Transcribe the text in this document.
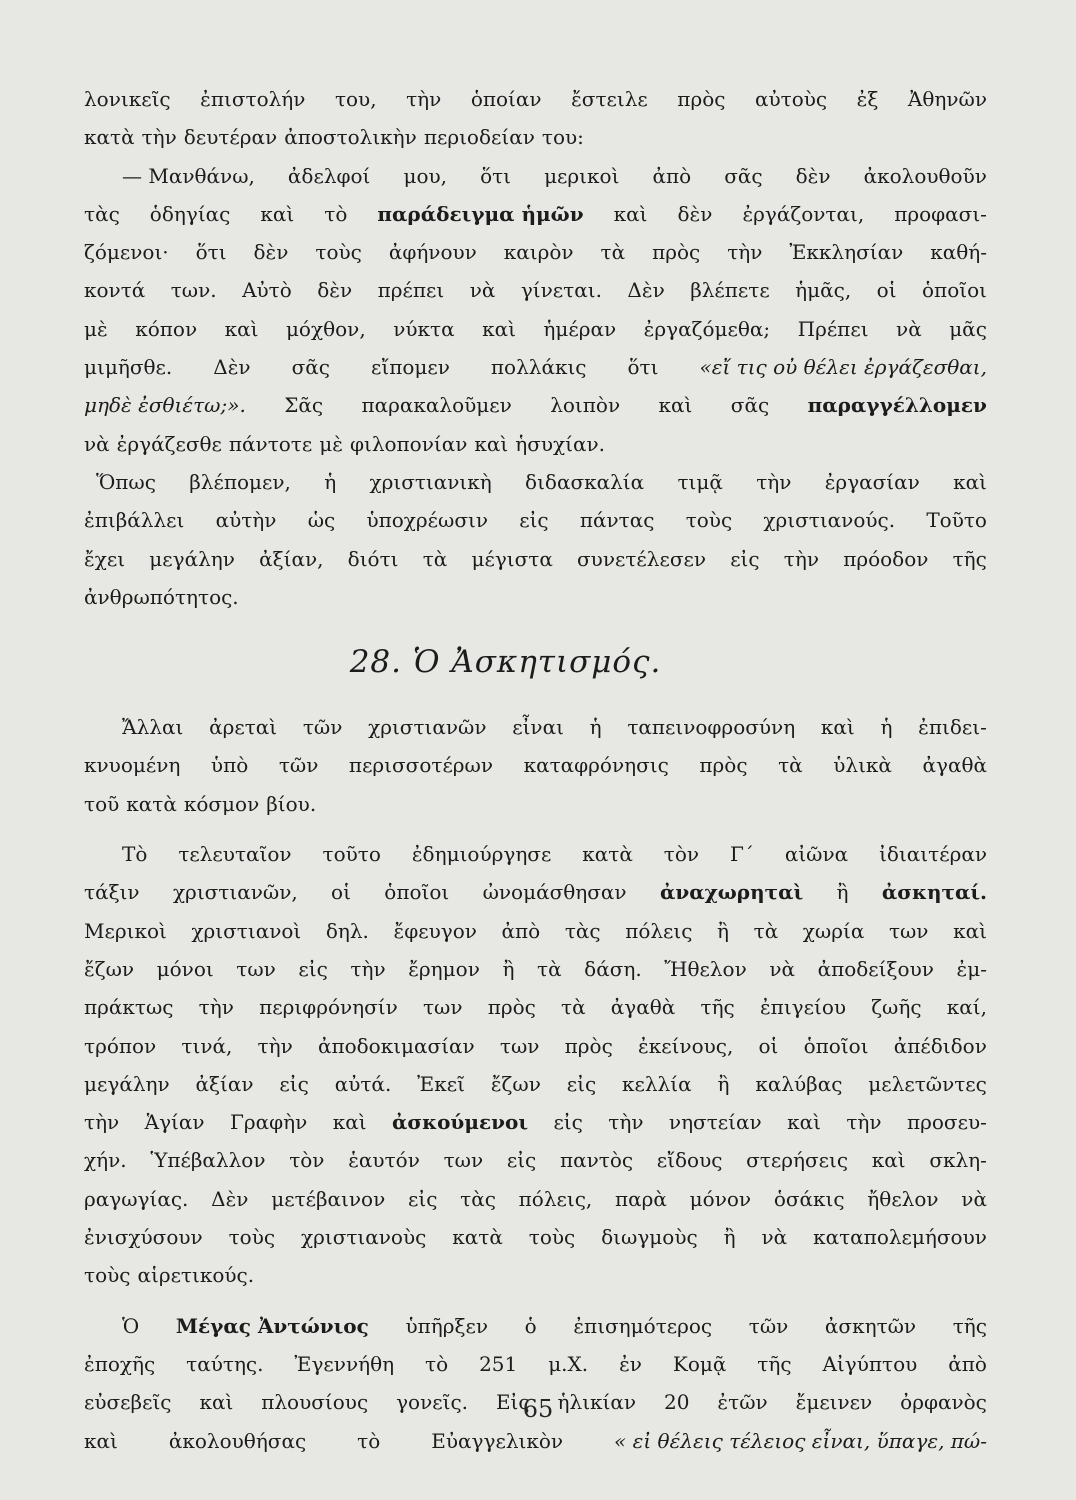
λονικεῖς ἐπιστολήν του, τὴν ὁποίαν ἔστειλε πρὸς αὐτοὺς ἐξ Ἀθηνῶν
κατὰ τὴν δευτέραν ἀποστολικὴν περιοδείαν του:
— Μανθάνω, ἀδελφοί μου, ὅτι μερικοὶ ἀπὸ σᾶς δὲν ἀκολουθοῦν
τὰς ὁδηγίας καὶ τὸ παράδειγμα ἡμῶν καὶ δὲν ἐργάζονται, προφασι-
ζόμενοι· ὅτι δὲν τοὺς ἀφήνουν καιρὸν τὰ πρὸς τὴν Ἐκκλησίαν καθή-
κοντά των. Αὐτὸ δὲν πρέπει νὰ γίνεται. Δὲν βλέπετε ἡμᾶς, οἱ ὁποῖοι
μὲ κόπον καὶ μόχθον, νύκτα καὶ ἡμέραν ἐργαζόμεθα; Πρέπει νὰ μᾶς
μιμῆσθε. Δὲν σᾶς εἴπομεν πολλάκις ὅτι «εἴ τις οὐ θέλει ἐργάζεσθαι,
μηδὲ ἐσθιέτω;». Σᾶς παρακαλοῦμεν λοιπὸν καὶ σᾶς παραγγέλλομεν
νὰ ἐργάζεσθε πάντοτε μὲ φιλοπονίαν καὶ ἡσυχίαν.
Ὅπως βλέπομεν, ἡ χριστιανικὴ διδασκαλία τιμᾷ τὴν ἐργασίαν καὶ
ἐπιβάλλει αὐτὴν ὡς ὑποχρέωσιν εἰς πάντας τοὺς χριστιανούς. Τοῦτο
ἔχει μεγάλην ἀξίαν, διότι τὰ μέγιστα συνετέλεσεν εἰς τὴν πρόοδον τῆς
ἀνθρωπότητος.
28. Ὁ Ἀσκητισμός.
Ἄλλαι ἀρεταὶ τῶν χριστιανῶν εἶναι ἡ ταπεινοφροσύνη καὶ ἡ ἐπιδει-
κνυομένη ὑπὸ τῶν περισσοτέρων καταφρόνησις πρὸς τὰ ὑλικὰ ἀγαθὰ
τοῦ κατὰ κόσμον βίου.
Τὸ τελευταῖον τοῦτο ἐδημιούργησε κατὰ τὸν Γ΄ αἰῶνα ἰδιαιτέραν
τάξιν χριστιανῶν, οἱ ὁποῖοι ὠνομάσθησαν ἀναχωρηταὶ ἢ ἀσκηταί.
Μερικοὶ χριστιανοὶ δηλ. ἔφευγον ἀπὸ τὰς πόλεις ἢ τὰ χωρία των καὶ
ἔζων μόνοι των εἰς τὴν ἔρημον ἢ τὰ δάση. Ἤθελον νὰ ἀποδείξουν ἐμ-
πράκτως τὴν περιφρόνησίν των πρὸς τὰ ἀγαθὰ τῆς ἐπιγείου ζωῆς καί,
τρόπον τινά, τὴν ἀποδοκιμασίαν των πρὸς ἐκείνους, οἱ ὁποῖοι ἀπέδιδον
μεγάλην ἀξίαν εἰς αὐτά. Ἐκεῖ ἔζων εἰς κελλία ἢ καλύβας μελετῶντες
τὴν Ἁγίαν Γραφὴν καὶ ἀσκούμενοι εἰς τὴν νηστείαν καὶ τὴν προσευ-
χήν. Ὑπέβαλλον τὸν ἑαυτόν των εἰς παντὸς εἴδους στερήσεις καὶ σκλη-
ραγωγίας. Δὲν μετέβαινον εἰς τὰς πόλεις, παρὰ μόνον ὁσάκις ἤθελον νὰ
ἐνισχύσουν τοὺς χριστιανοὺς κατὰ τοὺς διωγμοὺς ἢ νὰ καταπολεμήσουν
τοὺς αἱρετικούς.
Ὁ Μέγας Ἀντώνιος ὑπῆρξεν ὁ ἐπισημότερος τῶν ἀσκητῶν τῆς
ἐποχῆς ταύτης. Ἐγεννήθη τὸ 251 μ.Χ. ἐν Κομᾷ τῆς Αἰγύπτου ἀπὸ
εὐσεβεῖς καὶ πλουσίους γονεῖς. Εἰς ἡλικίαν 20 ἐτῶν ἔμεινεν ὀρφανὸς
καὶ	ἀκολουθήσας	τὸ	Εὐαγγελικὸν	« εἰ θέλεις τέλειος εἶναι, ὕπαγε, πώ-
65
